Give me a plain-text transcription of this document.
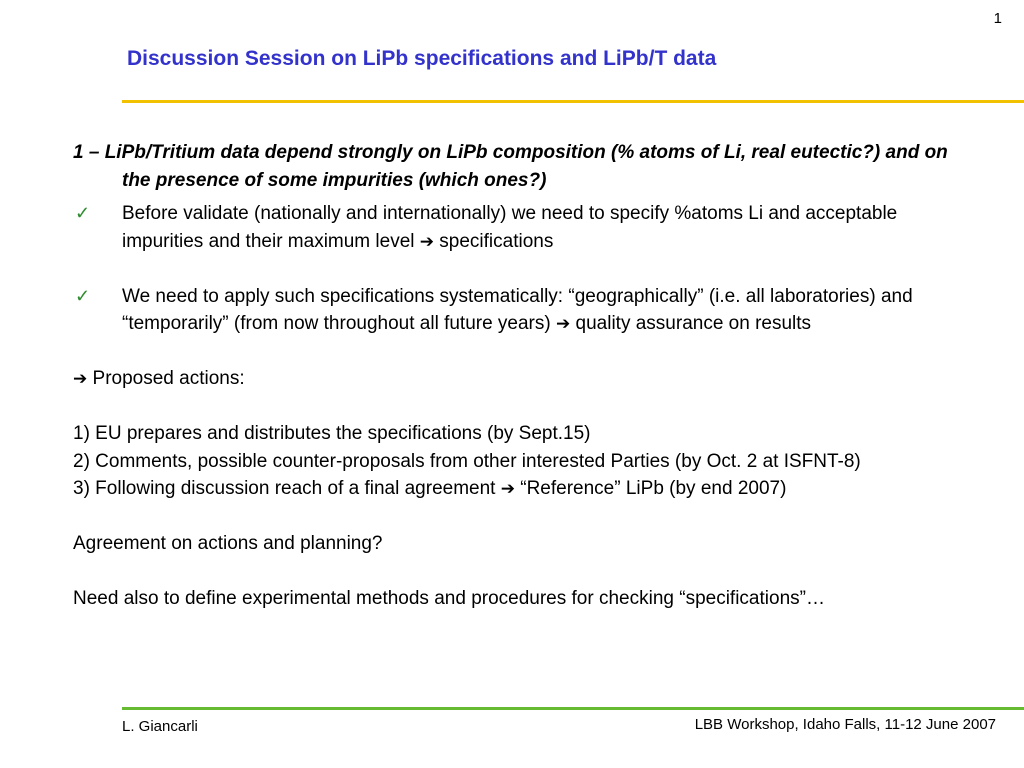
1
Discussion Session on LiPb specifications and LiPb/T data

1 – LiPb/Tritium data depend strongly on LiPb composition (% atoms of Li, real eutectic?) and on the presence of some impurities (which ones?)

✓ Before validate (nationally and internationally) we need to specify %atoms Li and acceptable impurities and their maximum level ➔ specifications

✓ We need to apply such specifications systematically: “geographically” (i.e. all laboratories) and “temporarily” (from now throughout all future years) ➔ quality assurance on results

➔ Proposed actions:

1) EU prepares and distributes the specifications (by Sept.15)

2) Comments, possible counter-proposals from other interested Parties (by Oct. 2 at ISFNT-8)

3) Following discussion reach of a final agreement ➔ “Reference” LiPb (by end 2007)

Agreement on actions and planning?

Need also to define experimental methods and procedures for checking “specifications”…

L. Giancarli	LBB Workshop, Idaho Falls, 11-12 June 2007
